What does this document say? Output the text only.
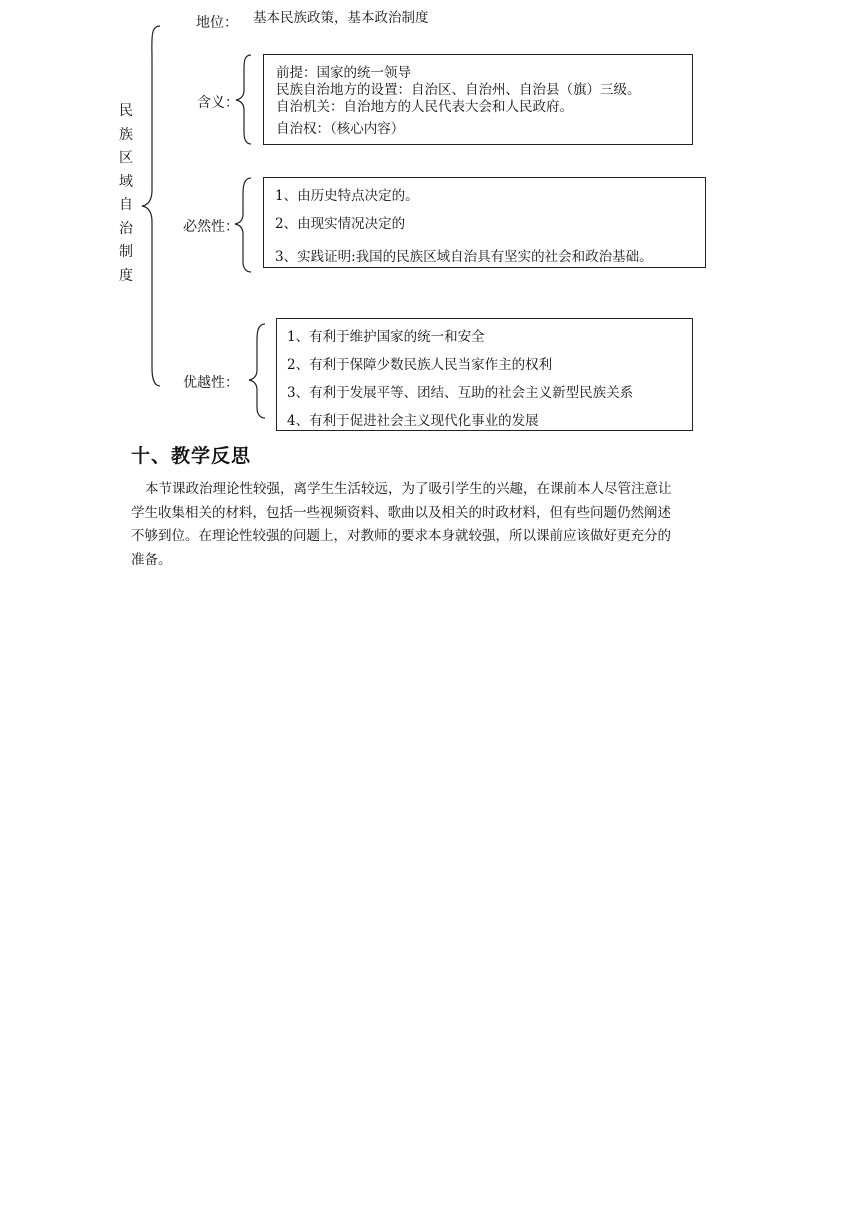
民
族
区
域
自
治
制
度
地位： 基本民族政策，基本政治制度
含义：
前提：国家的统一领导
民族自治地方的设置：自治区、自治州、自治县（旗）三级。
自治机关：自治地方的人民代表大会和人民政府。
自治权：（核心内容）
必然性：
1、由历史特点决定的。
2、由现实情况决定的
3、实践证明:我国的民族区域自治具有坚实的社会和政治基础。
优越性：
1、有利于维护国家的统一和安全
2、有利于保障少数民族人民当家作主的权利
3、有利于发展平等、团结、互助的社会主义新型民族关系
4、有利于促进社会主义现代化事业的发展
十、教学反思

本节课政治理论性较强，离学生生活较远，为了吸引学生的兴趣，在课前本人尽管注意让

学生收集相关的材料，包括一些视频资料、歌曲以及相关的时政材料，但有些问题仍然阐述

不够到位。在理论性较强的问题上，对教师的要求本身就较强，所以课前应该做好更充分的

准备。
